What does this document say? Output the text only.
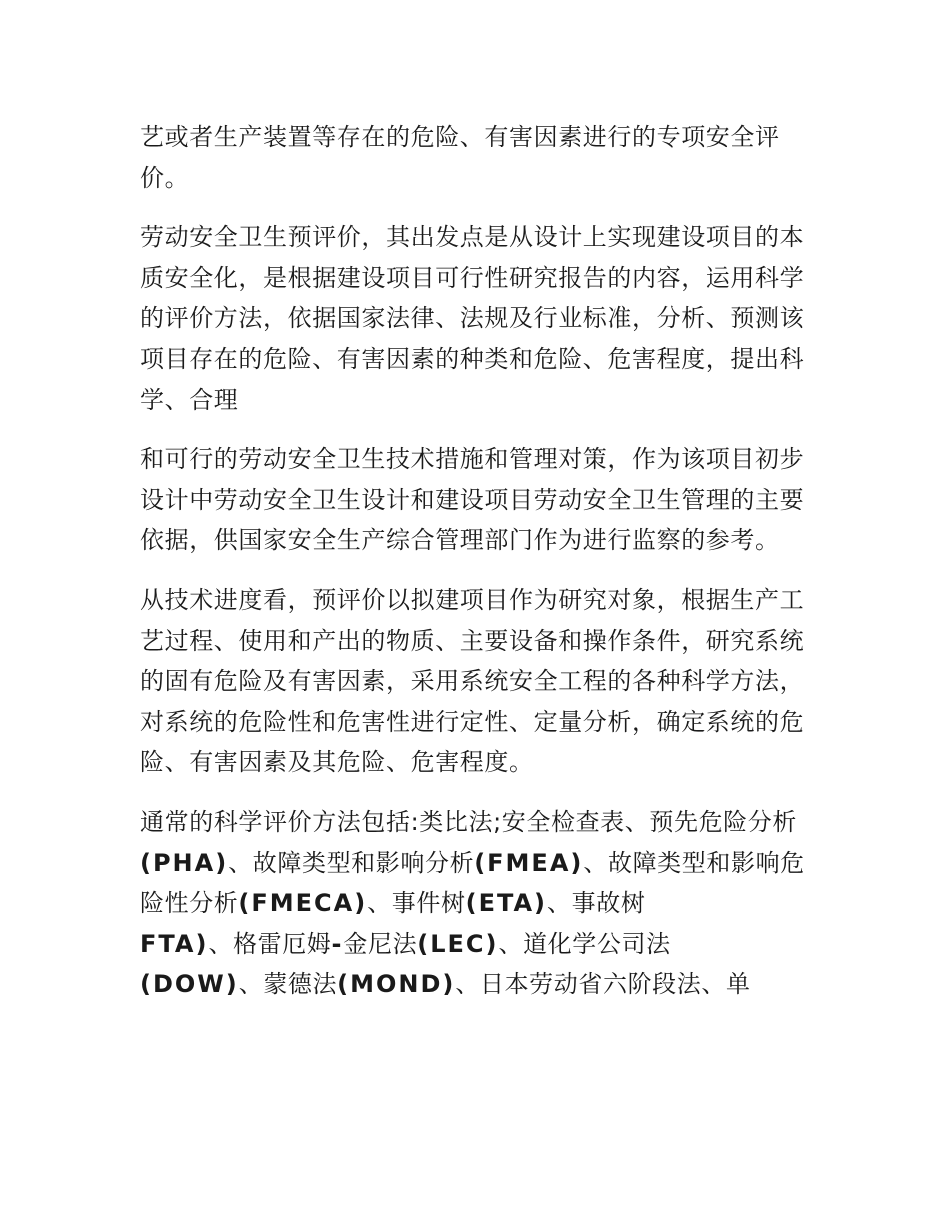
艺或者生产装置等存在的危险、有害因素进行的专项安全评价。

劳动安全卫生预评价，其出发点是从设计上实现建设项目的本质安全化，是根据建设项目可行性研究报告的内容，运用科学的评价方法，依据国家法律、法规及行业标准，分析、预测该项目存在的危险、有害因素的种类和危险、危害程度，提出科学、合理

和可行的劳动安全卫生技术措施和管理对策，作为该项目初步设计中劳动安全卫生设计和建设项目劳动安全卫生管理的主要依据，供国家安全生产综合管理部门作为进行监察的参考。

从技术进度看，预评价以拟建项目作为研究对象，根据生产工艺过程、使用和产出的物质、主要设备和操作条件，研究系统的固有危险及有害因素，采用系统安全工程的各种科学方法，对系统的危险性和危害性进行定性、定量分析，确定系统的危险、有害因素及其危险、危害程度。

通常的科学评价方法包括:类比法;安全检查表、预先危险分析(PHA)、故障类型和影响分析(FMEA)、故障类型和影响危险性分析(FMECA)、事件树(ETA)、事故树
FTA)、格雷厄姆-金尼法(LEC)、道化学公司法
(DOW)、蒙德法(MOND)、日本劳动省六阶段法、单
